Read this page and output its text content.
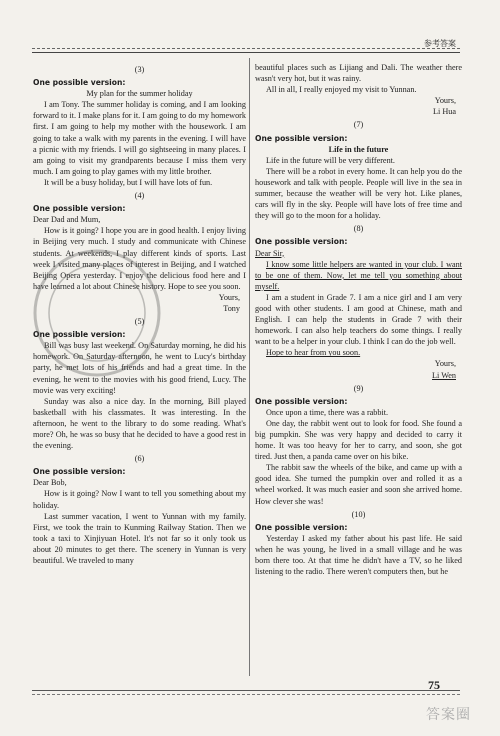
参考答案
(3)
One possible version:
My plan for the summer holiday

I am Tony. The summer holiday is coming, and I am looking forward to it. I make plans for it. I am going to do my homework first. I am going to help my mother with the housework. I am going to take a walk with my parents in the evening. I will have a picnic with my friends. I will go sightseeing in many places. I am going to visit my grandparents because I miss them very much. I am going to play games with my little brother.

It will be a busy holiday, but I will have lots of fun.

(4)
One possible version:

Dear Dad and Mum,

How is it going? I hope you are in good health. I enjoy living in Beijing very much. I study and communicate with Chinese students. At weekends, I play different kinds of sports. Last week I visited many places of interest in Beijing, and I watched Beijing Opera yesterday. I enjoy the delicious food here and I have learned a lot about Chinese history. Hope to see you soon.

Yours,
Tony
(5)
One possible version:

Bill was busy last weekend. On Saturday morning, he did his homework. On Saturday afternoon, he went to Lucy's birthday party, he met lots of his friends and had a great time. In the evening, he went to the movies with his good friend, Lucy. The movie was very exciting!

Sunday was also a nice day. In the morning, Bill played basketball with his classmates. It was interesting. In the afternoon, he went to the library to do some reading. What's more? Oh, he was so busy that he decided to have a good rest in the evening.

(6)
One possible version:

Dear Bob,

How is it going? Now I want to tell you something about my holiday.

Last summer vacation, I went to Yunnan with my family. First, we took the train to Kunming Railway Station. Then we took a taxi to Xinjiyuan Hotel. It's not far so it only took us about 20 minutes to get there. The scenery in Yunnan is very beautiful. We traveled to many

beautiful places such as Lijiang and Dali. The weather there wasn't very hot, but it was rainy.

All in all, I really enjoyed my visit to Yunnan.

Yours,
Li Hua
(7)
One possible version:
Life in the future

Life in the future will be very different.

There will be a robot in every home. It can help you do the housework and talk with people. People will live in the sea in summer, because the weather will be very hot. Like planes, cars will fly in the sky. People will have lots of free time and they will go to the moon for a holiday.

(8)
One possible version:

Dear Sir,

I know some little helpers are wanted in your club. I want to be one of them. Now, let me tell you something about myself.

I am a student in Grade 7. I am a nice girl and I am very good with other students. I am good at Chinese, math and English. I can help the students in Grade 7 with their homework. I can also help teachers do some things. I really want to be a helper in your club. I think I can do the job well.

Hope to hear from you soon.

Yours,
Li Wen
(9)
One possible version:

Once upon a time, there was a rabbit.

One day, the rabbit went out to look for food. She found a big pumpkin. She was very happy and decided to carry it home. It was too heavy for her to carry, and soon, she got tired. Just then, a panda came over on his bike.

The rabbit saw the wheels of the bike, and came up with a good idea. She turned the pumpkin over and rolled it as a wheel worked. It was much easier and soon she arrived home. How clever she was!

(10)
One possible version:

Yesterday I asked my father about his past life. He said when he was young, he lived in a small village and he was born there too. At that time he didn't have a TV, so he liked listening to the radio. There weren't computers then, but he

75
答案圈
